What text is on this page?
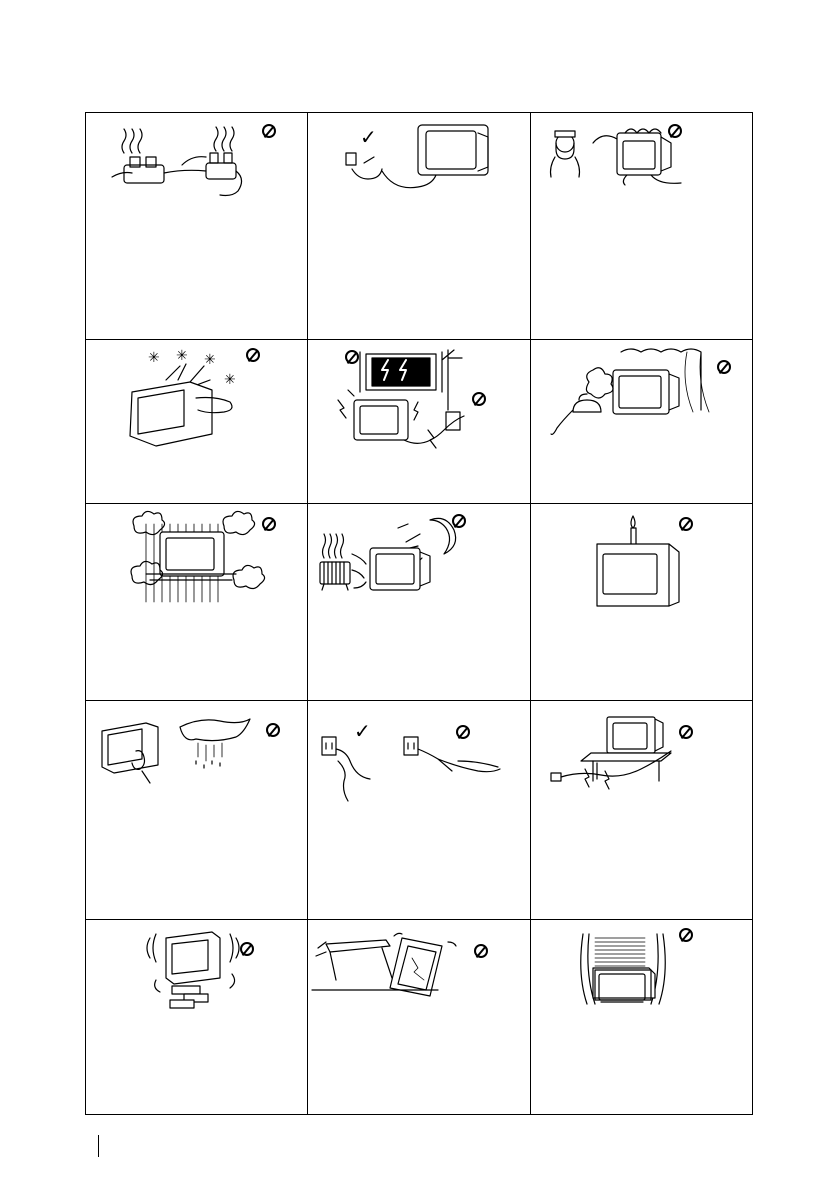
✓
✳ ✳ ✳
✳
✓
